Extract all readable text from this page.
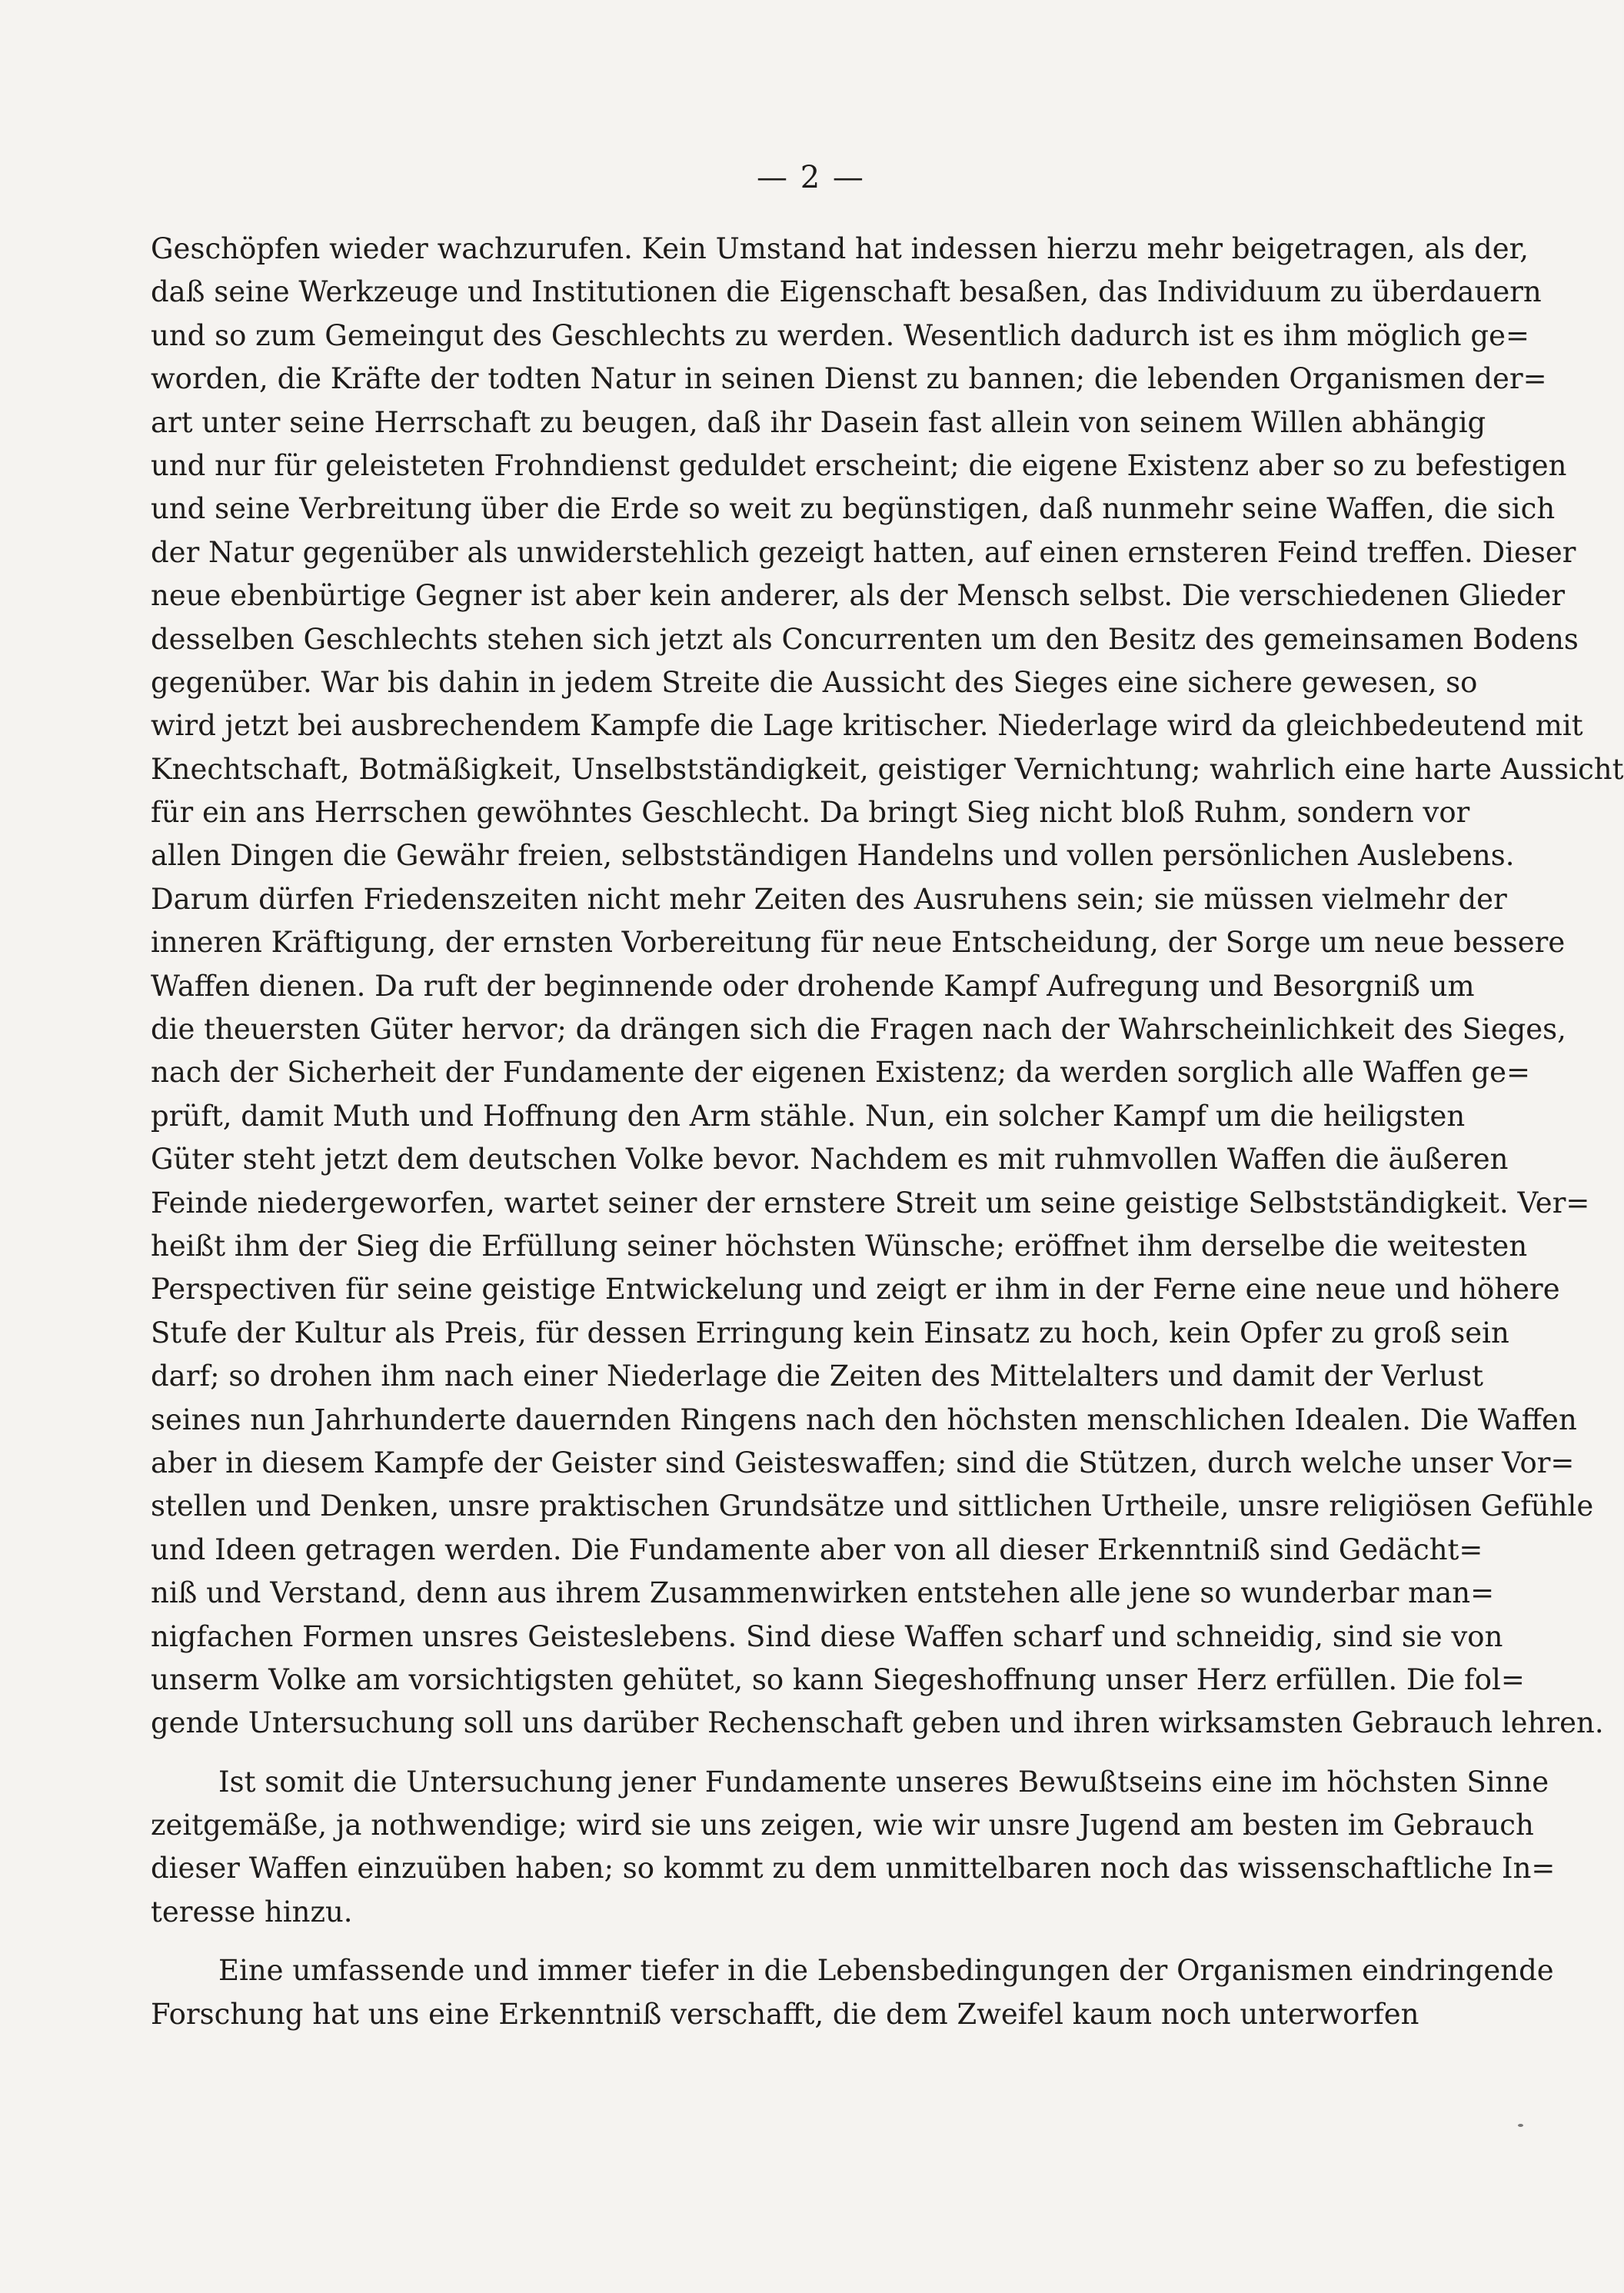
— 2 —
Geschöpfen wieder wachzurufen. Kein Umstand hat indessen hierzu mehr beigetragen, als der,
daß seine Werkzeuge und Institutionen die Eigenschaft besaßen, das Individuum zu überdauern
und so zum Gemeingut des Geschlechts zu werden. Wesentlich dadurch ist es ihm möglich ge=
worden, die Kräfte der todten Natur in seinen Dienst zu bannen; die lebenden Organismen der=
art unter seine Herrschaft zu beugen, daß ihr Dasein fast allein von seinem Willen abhängig
und nur für geleisteten Frohndienst geduldet erscheint; die eigene Existenz aber so zu befestigen
und seine Verbreitung über die Erde so weit zu begünstigen, daß nunmehr seine Waffen, die sich
der Natur gegenüber als unwiderstehlich gezeigt hatten, auf einen ernsteren Feind treffen. Dieser
neue ebenbürtige Gegner ist aber kein anderer, als der Mensch selbst. Die verschiedenen Glieder
desselben Geschlechts stehen sich jetzt als Concurrenten um den Besitz des gemeinsamen Bodens
gegenüber. War bis dahin in jedem Streite die Aussicht des Sieges eine sichere gewesen, so
wird jetzt bei ausbrechendem Kampfe die Lage kritischer. Niederlage wird da gleichbedeutend mit
Knechtschaft, Botmäßigkeit, Unselbstständigkeit, geistiger Vernichtung; wahrlich eine harte Aussicht
für ein ans Herrschen gewöhntes Geschlecht. Da bringt Sieg nicht bloß Ruhm, sondern vor
allen Dingen die Gewähr freien, selbstständigen Handelns und vollen persönlichen Auslebens.
Darum dürfen Friedenszeiten nicht mehr Zeiten des Ausruhens sein; sie müssen vielmehr der
inneren Kräftigung, der ernsten Vorbereitung für neue Entscheidung, der Sorge um neue bessere
Waffen dienen. Da ruft der beginnende oder drohende Kampf Aufregung und Besorgniß um
die theuersten Güter hervor; da drängen sich die Fragen nach der Wahrscheinlichkeit des Sieges,
nach der Sicherheit der Fundamente der eigenen Existenz; da werden sorglich alle Waffen ge=
prüft, damit Muth und Hoffnung den Arm stähle. Nun, ein solcher Kampf um die heiligsten
Güter steht jetzt dem deutschen Volke bevor. Nachdem es mit ruhmvollen Waffen die äußeren
Feinde niedergeworfen, wartet seiner der ernstere Streit um seine geistige Selbstständigkeit. Ver=
heißt ihm der Sieg die Erfüllung seiner höchsten Wünsche; eröffnet ihm derselbe die weitesten
Perspectiven für seine geistige Entwickelung und zeigt er ihm in der Ferne eine neue und höhere
Stufe der Kultur als Preis, für dessen Erringung kein Einsatz zu hoch, kein Opfer zu groß sein
darf; so drohen ihm nach einer Niederlage die Zeiten des Mittelalters und damit der Verlust
seines nun Jahrhunderte dauernden Ringens nach den höchsten menschlichen Idealen. Die Waffen
aber in diesem Kampfe der Geister sind Geisteswaffen; sind die Stützen, durch welche unser Vor=
stellen und Denken, unsre praktischen Grundsätze und sittlichen Urtheile, unsre religiösen Gefühle
und Ideen getragen werden. Die Fundamente aber von all dieser Erkenntniß sind Gedächt=
niß und Verstand, denn aus ihrem Zusammenwirken entstehen alle jene so wunderbar man=
nigfachen Formen unsres Geisteslebens. Sind diese Waffen scharf und schneidig, sind sie von
unserm Volke am vorsichtigsten gehütet, so kann Siegeshoffnung unser Herz erfüllen. Die fol=
gende Untersuchung soll uns darüber Rechenschaft geben und ihren wirksamsten Gebrauch lehren.
Ist somit die Untersuchung jener Fundamente unseres Bewußtseins eine im höchsten Sinne
zeitgemäße, ja nothwendige; wird sie uns zeigen, wie wir unsre Jugend am besten im Gebrauch
dieser Waffen einzuüben haben; so kommt zu dem unmittelbaren noch das wissenschaftliche In=
teresse hinzu.
Eine umfassende und immer tiefer in die Lebensbedingungen der Organismen eindringende
Forschung hat uns eine Erkenntniß verschafft, die dem Zweifel kaum noch unterworfen
